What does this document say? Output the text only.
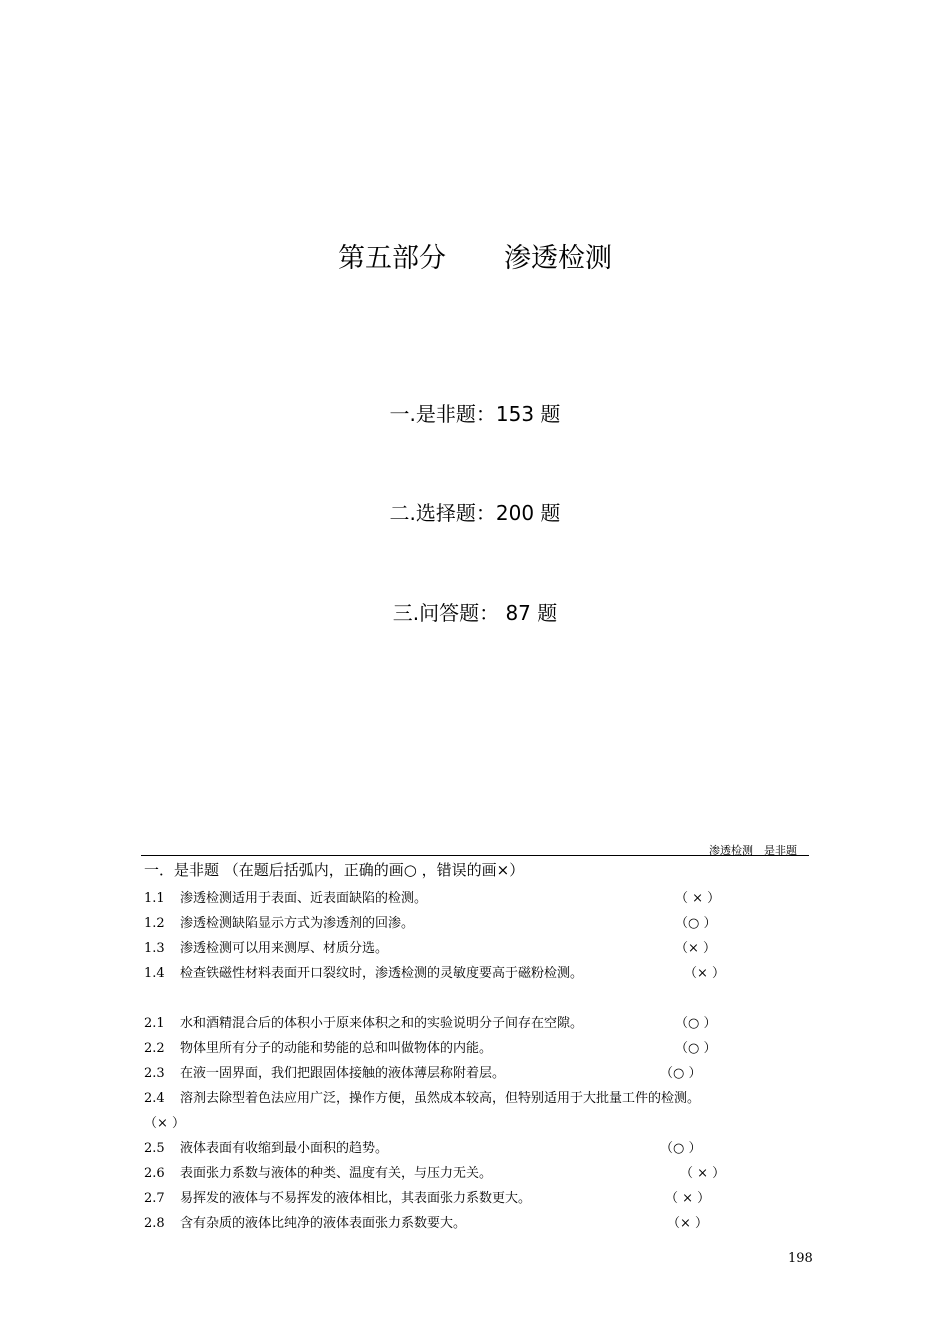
第五部分 渗透检测
一.是非题：153 题
二.选择题：200 题
三.问答题： 87 题
渗透检测　是非题
一．是非题 （在题后括弧内，正确的画○ ，错误的画×）
1.1 渗透检测适用于表面、近表面缺陷的检测。	（ × ）
1.2 渗透检测缺陷显示方式为渗透剂的回渗。	（○ ）
1.3 渗透检测可以用来测厚、材质分选。	（× ）
1.4 检查铁磁性材料表面开口裂纹时，渗透检测的灵敏度要高于磁粉检测。	（× ）
2.1 水和酒精混合后的体积小于原来体积之和的实验说明分子间存在空隙。	（○ ）
2.2 物体里所有分子的动能和势能的总和叫做物体的内能。	（○ ）
2.3 在液一固界面，我们把跟固体接触的液体薄层称附着层。	（○ ）
2.4 溶剂去除型着色法应用广泛，操作方便，虽然成本较高，但特别适用于大批量工件的检测。
（× ）
2.5 液体表面有收缩到最小面积的趋势。	（○ ）
2.6 表面张力系数与液体的种类、温度有关，与压力无关。	（ × ）
2.7 易挥发的液体与不易挥发的液体相比，其表面张力系数更大。	（ × ）
2.8 含有杂质的液体比纯净的液体表面张力系数要大。	（× ）
198
